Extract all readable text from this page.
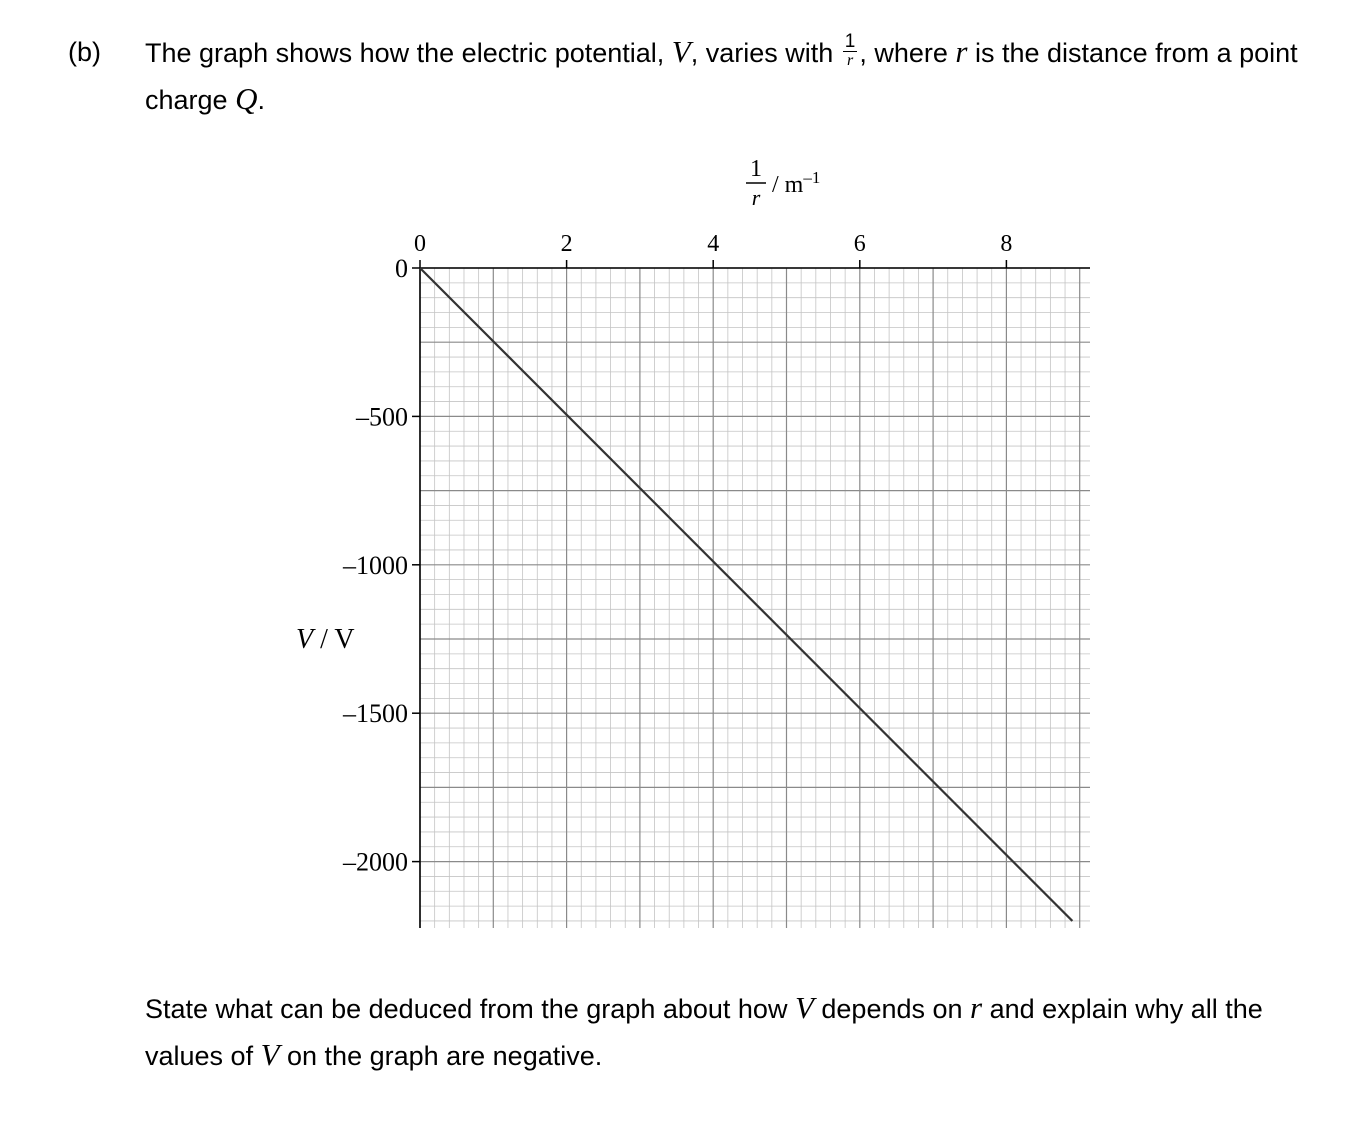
(b) The graph shows how the electric potential, V, varies with $\frac{1}{r}$ , where r is the distance from a point charge Q.
0	2	4	6	8
0
–500
–1000
–1500
–2000
1
r / $m^{-1}$
V / V
State what can be deduced from the graph about how V depends on r and explain why all the values of V on the graph are negative.
